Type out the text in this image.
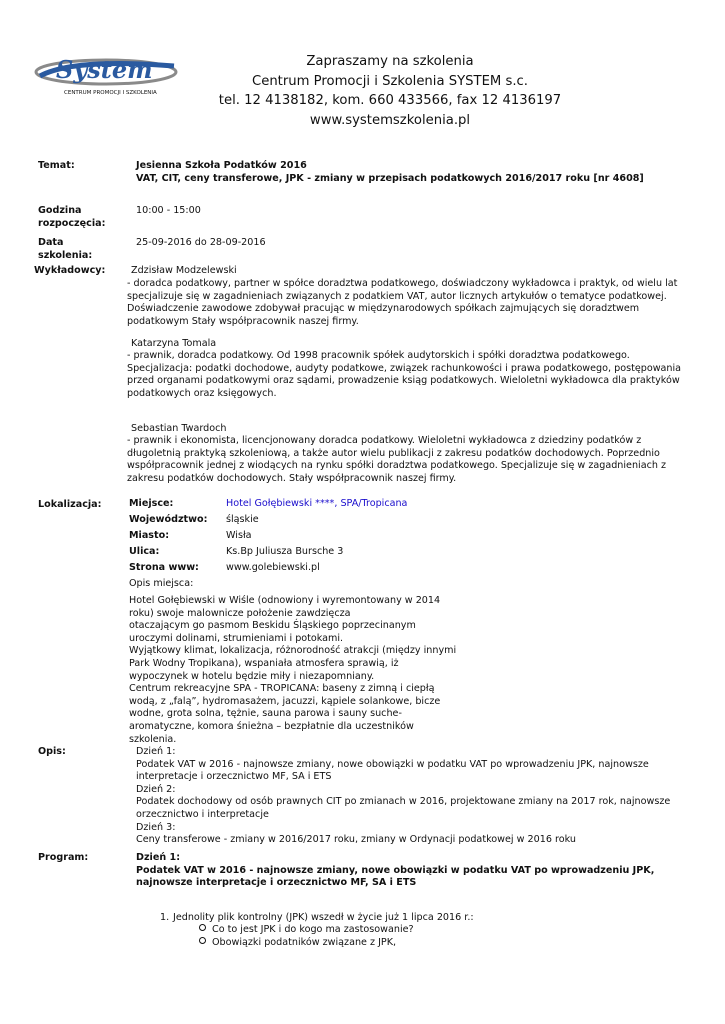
System
CENTRUM PROMOCJI I SZKOLENIA
Zapraszamy na szkolenia
Centrum Promocji i Szkolenia SYSTEM s.c.
tel. 12 4138182, kom. 660 433566, fax 12 4136197
www.systemszkolenia.pl
Temat:	Jesienna Szkoła Podatków 2016
VAT, CIT, ceny transferowe, JPK - zmiany w przepisach podatkowych 2016/2017 roku [nr 4608]
Godzina
rozpoczęcia:
10:00 - 15:00
Data
szkolenia:
25-09-2016 do 28-09-2016
Wykładowcy:	Zdzisław Modzelewski
- doradca podatkowy, partner w spółce doradztwa podatkowego, doświadczony wykładowca i praktyk, od wielu lat
specjalizuje się w zagadnieniach związanych z podatkiem VAT, autor licznych artykułów o tematyce podatkowej.
Doświadczenie zawodowe zdobywał pracując w międzynarodowych spółkach zajmujących się doradztwem
podatkowym Stały współpracownik naszej firmy.
Katarzyna Tomala
- prawnik, doradca podatkowy. Od 1998 pracownik spółek audytorskich i spółki doradztwa podatkowego.
Specjalizacja: podatki dochodowe, audyty podatkowe, związek rachunkowości i prawa podatkowego, postępowania
przed organami podatkowymi oraz sądami, prowadzenie ksiąg podatkowych. Wieloletni wykładowca dla praktyków
podatkowych oraz księgowych.
Sebastian Twardoch
- prawnik i ekonomista, licencjonowany doradca podatkowy. Wieloletni wykładowca z dziedziny podatków z
długoletnią praktyką szkoleniową, a także autor wielu publikacji z zakresu podatków dochodowych. Poprzednio
współpracownik jednej z wiodących na rynku spółki doradztwa podatkowego. Specjalizuje się w zagadnieniach z
zakresu podatków dochodowych. Stały współpracownik naszej firmy.
Lokalizacja:	Miejsce:	Hotel Gołębiewski ****, SPA/Tropicana
Województwo: śląskie
Miasto:	Wisła
Ulica:	Ks.Bp Juliusza Bursche 3
Strona www:	www.golebiewski.pl
Opis miejsca:
Hotel Gołębiewski w Wiśle (odnowiony i wyremontowany w 2014
roku) swoje malownicze położenie zawdzięcza
otaczającym go pasmom Beskidu Śląskiego poprzecinanym
uroczymi dolinami, strumieniami i potokami.
Wyjątkowy klimat, lokalizacja, różnorodność atrakcji (między innymi
Park Wodny Tropikana), wspaniała atmosfera sprawią, iż
wypoczynek w hotelu będzie miły i niezapomniany.
Centrum rekreacyjne SPA - TROPICANA: baseny z zimną i ciepłą
wodą, z „falą”, hydromasażem, jacuzzi, kąpiele solankowe, bicze
wodne, grota solna, tężnie, sauna parowa i sauny suche-
aromatyczne, komora śnieżna – bezpłatnie dla uczestników
szkolenia.
Opis:	Dzień 1:
Podatek VAT w 2016 - najnowsze zmiany, nowe obowiązki w podatku VAT po wprowadzeniu JPK, najnowsze
interpretacje i orzecznictwo MF, SA i ETS
Dzień 2:
Podatek dochodowy od osób prawnych CIT po zmianach w 2016, projektowane zmiany na 2017 rok, najnowsze
orzecznictwo i interpretacje
Dzień 3:
Ceny transferowe - zmiany w 2016/2017 roku, zmiany w Ordynacji podatkowej w 2016 roku
Program:	Dzień 1:
Podatek VAT w 2016 - najnowsze zmiany, nowe obowiązki w podatku VAT po wprowadzeniu JPK,
najnowsze interpretacje i orzecznictwo MF, SA i ETS
1. Jednolity plik kontrolny (JPK) wszedł w życie już 1 lipca 2016 r.:
Co to jest JPK i do kogo ma zastosowanie?
Obowiązki podatników związane z JPK,
